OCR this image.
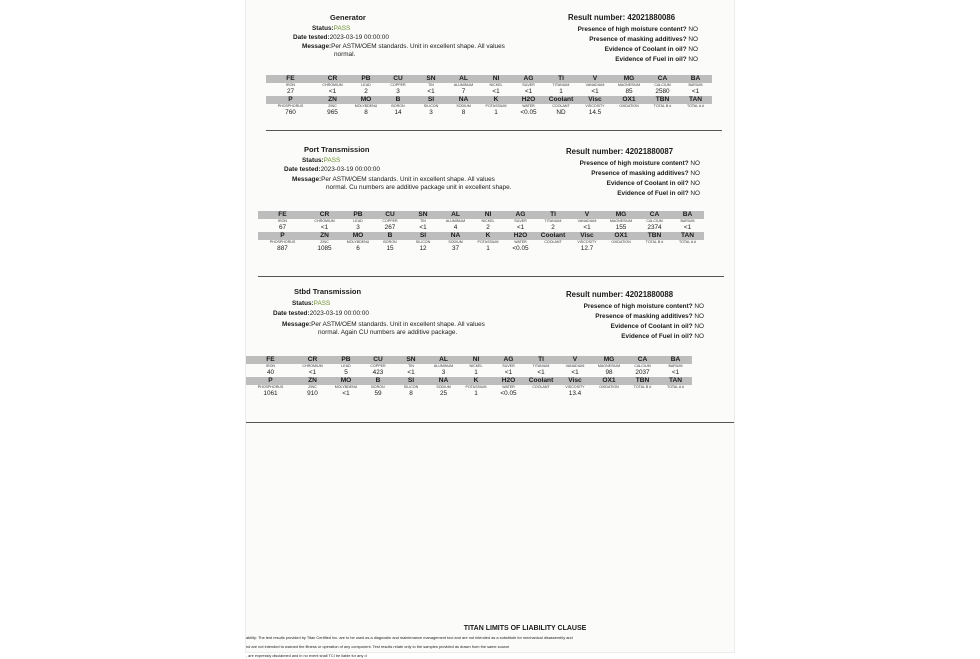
Generator
Status:PASS
Date tested:2023-03-19 00:00:00
Message:Per ASTM/OEM standards. Unit in excellent shape. All values
normal.
Result number: 42021880086
Presence of high moisture content? NO
Presence of masking additives? NO
Evidence of Coolant in oil? NO
Evidence of Fuel in oil? NO
FE	CR	PB	CU	SN	AL	NI	AG	TI	V	MG	CA	BA
IRON	CHROMIUM	LEAD	COPPER	TIN	ALUMINUM	NICKEL	SILVER	TITANIUM	VANADIUM	MAGNESIUM	CALCIUM	BARIUM
27	<1	2	3	<1	7	<1	<1	1	<1	85	2580	<1
P	ZN	MO	B	SI	NA	K	H2O	Coolant	Visc	OX1	TBN	TAN
PHOSPHORUS	ZINC	MOLYBDENU	BORON	SILICON	SODIUM	POTASSIUM	WATER	COOLANT	VISCOSITY	OXIDATION	TOTAL B #	TOTAL A #
760	965	8	14	3	8	1	<0.05	ND	14.5			
Port Transmission
Status:PASS
Date tested:2023-03-19 00:00:00
Message:Per ASTM/OEM standards. Unit in excellent shape. All values
normal. Cu numbers are additive package unit in excellent shape.
Result number: 42021880087
Presence of high moisture content? NO
Presence of masking additives? NO
Evidence of Coolant in oil? NO
Evidence of Fuel in oil? NO
FE	CR	PB	CU	SN	AL	NI	AG	TI	V	MG	CA	BA
IRON	CHROMIUM	LEAD	COPPER	TIN	ALUMINUM	NICKEL	SILVER	TITANIUM	VANADIUM	MAGNESIUM	CALCIUM	BARIUM
67	<1	3	267	<1	4	2	<1	2	<1	155	2374	<1
P	ZN	MO	B	SI	NA	K	H2O	Coolant	Visc	OX1	TBN	TAN
PHOSPHORUS	ZINC	MOLYBDENU	BORON	SILICON	SODIUM	POTASSIUM	WATER	COOLANT	VISCOSITY	OXIDATION	TOTAL B #	TOTAL A #
887	1085	6	15	12	37	1	<0.05		12.7			
Stbd Transmission
Status:PASS
Date tested:2023-03-19 00:00:00
Message:Per ASTM/OEM standards. Unit in excellent shape. All values
normal. Again CU numbers are additive package.
Result number: 42021880088
Presence of high moisture content? NO
Presence of masking additives? NO
Evidence of Coolant in oil? NO
Evidence of Fuel in oil? NO
FE	CR	PB	CU	SN	AL	NI	AG	TI	V	MG	CA	BA
IRON	CHROMIUM	LEAD	COPPER	TIN	ALUMINUM	NICKEL	SILVER	TITANIUM	VANADIUM	MAGNESIUM	CALCIUM	BARIUM
40	<1	5	423	<1	3	1	<1	<1	<1	98	2037	<1
P	ZN	MO	B	SI	NA	K	H2O	Coolant	Visc	OX1	TBN	TAN
PHOSPHORUS	ZINC	MOLYBDENU	BORON	SILICON	SODIUM	POTASSIUM	WATER	COOLANT	VISCOSITY	OXIDATION	TOTAL B #	TOTAL A #
1061	910	<1	59	8	25	1	<0.05		13.4			
TITAN LIMITS OF LIABILITY CLAUSE
ability: The test results provided by Titan Certified Inc. are to be used as a diagnostic and maintenance management tool and are not intended as a substitute for mechanical disassembly and
nd are not intended to warrant the fitness or operation of any component. Test results relate only to the samples provided as drawn from the same source
, are expressly disclaimed and in no event shall TCI be liable for any d
